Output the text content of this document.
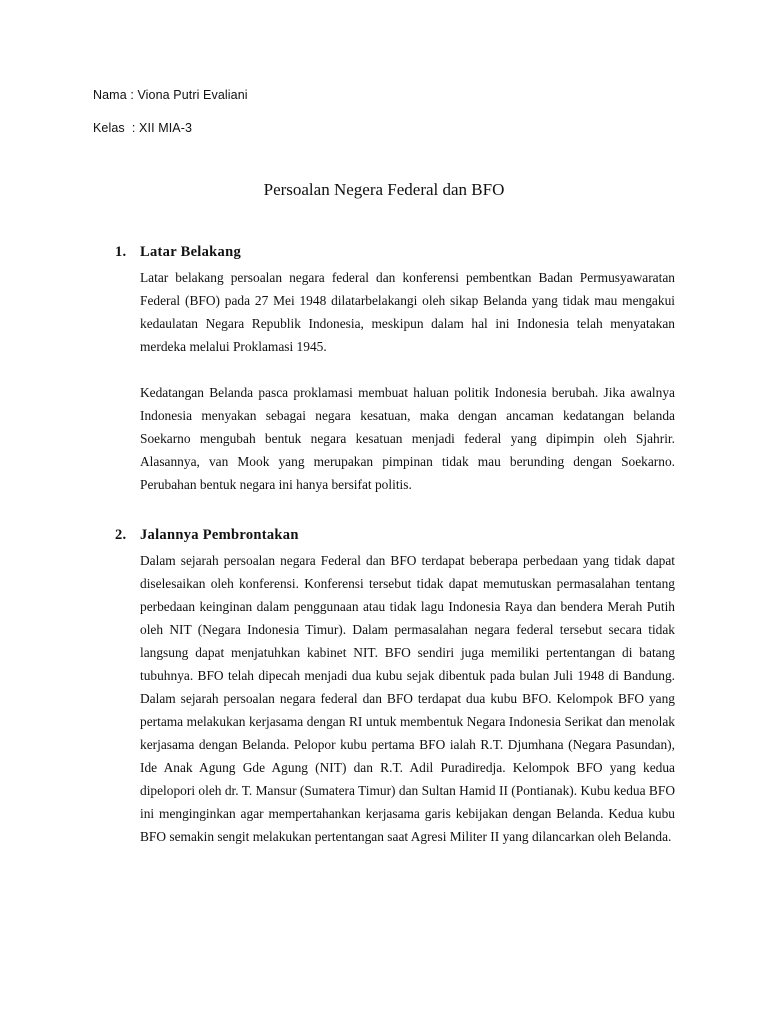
Nama : Viona Putri Evaliani
Kelas  : XII MIA-3
Persoalan Negera Federal dan BFO
1. Latar Belakang

Latar belakang persoalan negara federal dan konferensi pembentkan Badan Permusyawaratan Federal (BFO) pada 27 Mei 1948 dilatarbelakangi oleh sikap Belanda yang tidak mau mengakui kedaulatan Negara Republik Indonesia, meskipun dalam hal ini Indonesia telah menyatakan merdeka melalui Proklamasi 1945.

Kedatangan Belanda pasca proklamasi membuat haluan politik Indonesia berubah. Jika awalnya Indonesia menyakan sebagai negara kesatuan, maka dengan ancaman kedatangan belanda Soekarno mengubah bentuk negara kesatuan menjadi federal yang dipimpin oleh Sjahrir. Alasannya, van Mook yang merupakan pimpinan tidak mau berunding dengan Soekarno. Perubahan bentuk negara ini hanya bersifat politis.

2. Jalannya Pembrontakan

Dalam sejarah persoalan negara Federal dan BFO terdapat beberapa perbedaan yang tidak dapat diselesaikan oleh konferensi. Konferensi tersebut tidak dapat memutuskan permasalahan tentang perbedaan keinginan dalam penggunaan atau tidak lagu Indonesia Raya dan bendera Merah Putih oleh NIT (Negara Indonesia Timur). Dalam permasalahan negara federal tersebut secara tidak langsung dapat menjatuhkan kabinet NIT. BFO sendiri juga memiliki pertentangan di batang tubuhnya. BFO telah dipecah menjadi dua kubu sejak dibentuk pada bulan Juli 1948 di Bandung. Dalam sejarah persoalan negara federal dan BFO terdapat dua kubu BFO. Kelompok BFO yang pertama melakukan kerjasama dengan RI untuk membentuk Negara Indonesia Serikat dan menolak kerjasama dengan Belanda. Pelopor kubu pertama BFO ialah R.T. Djumhana (Negara Pasundan), Ide Anak Agung Gde Agung (NIT) dan R.T. Adil Puradiredja. Kelompok BFO yang kedua dipelopori oleh dr. T. Mansur (Sumatera Timur) dan Sultan Hamid II (Pontianak). Kubu kedua BFO ini menginginkan agar mempertahankan kerjasama garis kebijakan dengan Belanda. Kedua kubu BFO semakin sengit melakukan pertentangan saat Agresi Militer II yang dilancarkan oleh Belanda.
